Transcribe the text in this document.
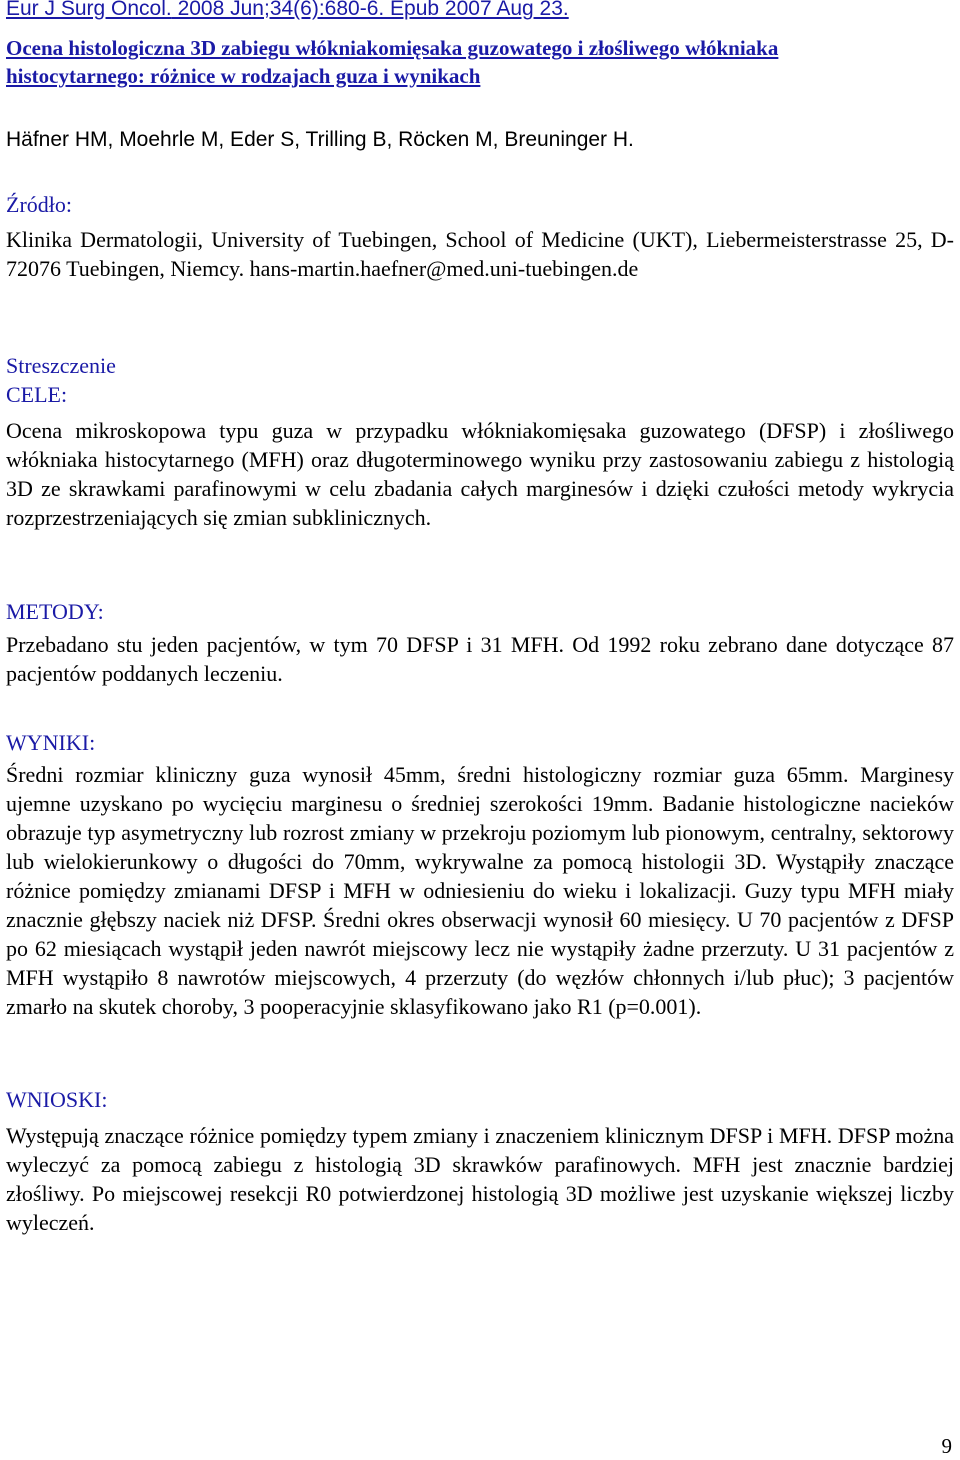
Eur J Surg Oncol. 2008 Jun;34(6):680-6. Epub 2007 Aug 23.
Ocena histologiczna 3D zabiegu włókniakomięsaka guzowatego i złośliwego włókniaka
histocytarnego: różnice w rodzajach guza i wynikach
Häfner HM, Moehrle M, Eder S, Trilling B, Röcken M, Breuninger H.
Źródło:
Klinika Dermatologii, University of Tuebingen, School of Medicine (UKT), Liebermeisterstrasse 25, D-72076 Tuebingen, Niemcy. hans-martin.haefner@med.uni-tuebingen.de
Streszczenie
CELE:
Ocena mikroskopowa typu guza w przypadku włókniakomięsaka guzowatego (DFSP) i złośliwego włókniaka histocytarnego (MFH) oraz długoterminowego wyniku przy zastosowaniu zabiegu z histologią 3D ze skrawkami parafinowymi w celu zbadania całych marginesów i dzięki czułości metody wykrycia rozprzestrzeniających się zmian subklinicznych.
METODY:
Przebadano stu jeden pacjentów, w tym 70 DFSP i 31 MFH. Od 1992 roku zebrano dane dotyczące 87 pacjentów poddanych leczeniu.
WYNIKI:
Średni rozmiar kliniczny guza wynosił 45mm, średni histologiczny rozmiar guza 65mm. Marginesy ujemne uzyskano po wycięciu marginesu o średniej szerokości 19mm. Badanie histologiczne nacieków obrazuje typ asymetryczny lub rozrost zmiany w przekroju poziomym lub pionowym, centralny, sektorowy lub wielokierunkowy o długości do 70mm, wykrywalne za pomocą histologii 3D. Wystąpiły znaczące różnice pomiędzy zmianami DFSP i MFH w odniesieniu do wieku i lokalizacji. Guzy typu MFH miały znacznie głębszy naciek niż DFSP. Średni okres obserwacji wynosił 60 miesięcy. U 70 pacjentów z DFSP po 62 miesiącach wystąpił jeden nawrót miejscowy lecz nie wystąpiły żadne przerzuty. U 31 pacjentów z MFH wystąpiło 8 nawrotów miejscowych, 4 przerzuty (do węzłów chłonnych i/lub płuc); 3 pacjentów zmarło na skutek choroby, 3 pooperacyjnie sklasyfikowano jako R1 (p=0.001).
WNIOSKI:
Występują znaczące różnice pomiędzy typem zmiany i znaczeniem klinicznym DFSP i MFH. DFSP można wyleczyć za pomocą zabiegu z histologią 3D skrawków parafinowych. MFH jest znacznie bardziej złośliwy. Po miejscowej resekcji R0 potwierdzonej histologią 3D możliwe jest uzyskanie większej liczby wyleczeń.
9
